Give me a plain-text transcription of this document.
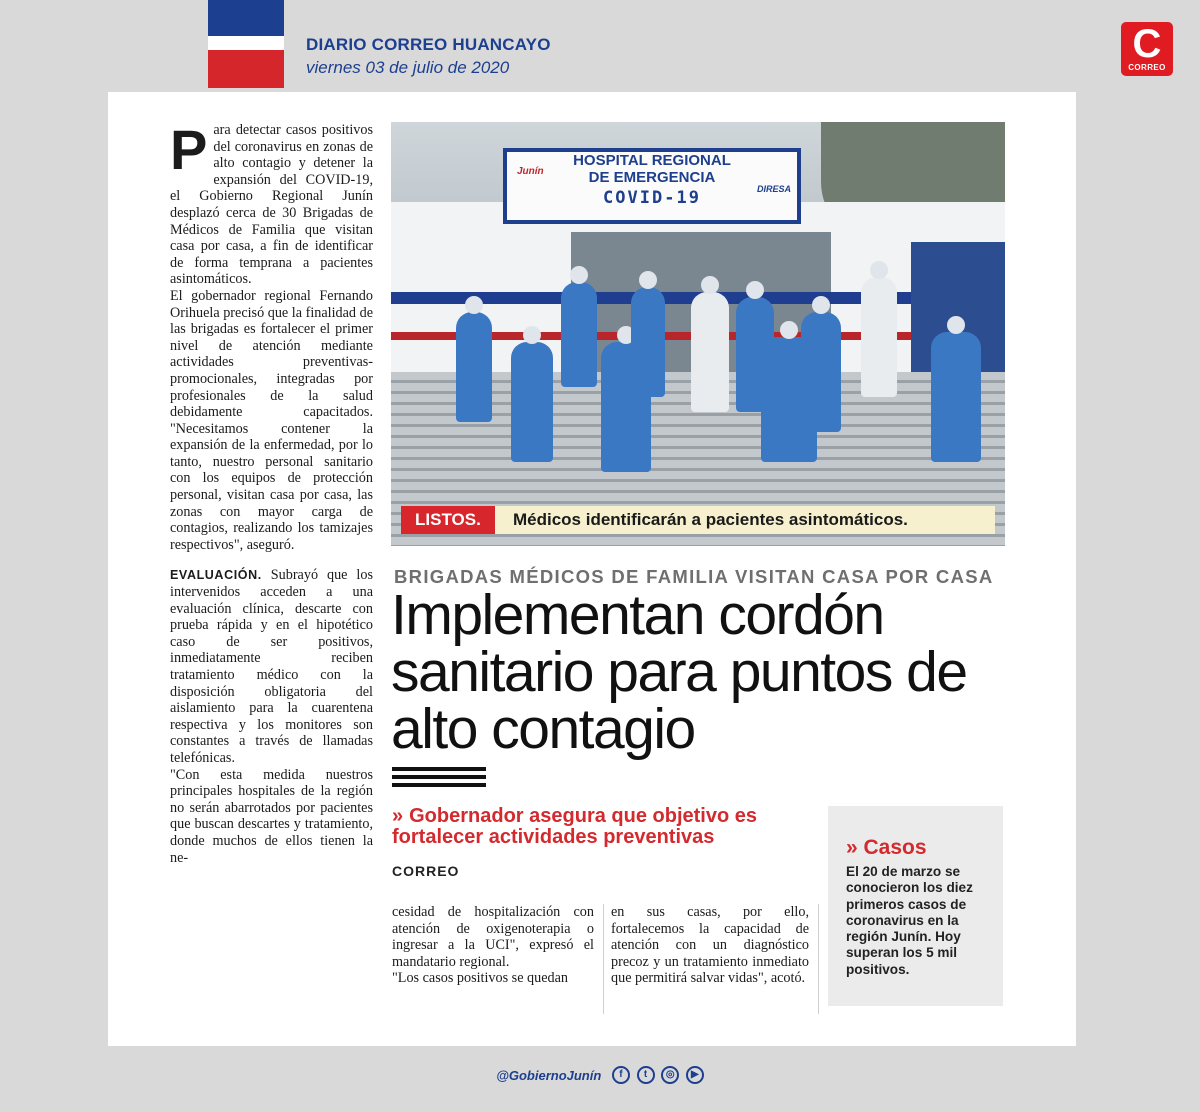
DIARIO CORREO HUANCAYO
viernes 03 de julio de 2020
C
CORREO

Para detectar casos positivos del coronavirus en zonas de alto contagio y detener la expansión del COVID-19, el Gobierno Regional Junín desplazó cerca de 30 Brigadas de Médicos de Familia que visitan casa por casa, a fin de identificar de forma temprana a pacientes asintomáticos.

El gobernador regional Fernando Orihuela precisó que la finalidad de las brigadas es fortalecer el primer nivel de atención mediante actividades preventivas-promocionales, integradas por profesionales de la salud debidamente capacitados. "Necesitamos contener la expansión de la enfermedad, por lo tanto, nuestro personal sanitario con los equipos de protección personal, visitan casa por casa, las zonas con mayor carga de contagios, realizando los tamizajes respectivos", aseguró.

EVALUACIÓN. Subrayó que los intervenidos acceden a una evaluación clínica, descarte con prueba rápida y en el hipotético caso de ser positivos, inmediatamente reciben tratamiento médico con la disposición obligatoria del aislamiento para la cuarentena respectiva y los monitores son constantes a través de llamadas telefónicas.

"Con esta medida nuestros principales hospitales de la región no serán abarrotados por pacientes que buscan descartes y tratamiento, donde muchos de ellos tienen la ne-

Junín
HOSPITAL REGIONAL
DE EMERGENCIA
COVID-19	DIRESA
LISTOS.	Médicos identificarán a pacientes asintomáticos.
BRIGADAS MÉDICOS DE FAMILIA VISITAN CASA POR CASA
Implementan cordón sanitario para puntos de alto contagio
» Gobernador asegura que objetivo es fortalecer actividades preventivas
CORREO

cesidad de hospitalización con atención de oxigenoterapia o ingresar a la UCI", expresó el mandatario regional.

"Los casos positivos se quedan

en sus casas, por ello, fortalecemos la capacidad de atención con un diagnóstico precoz y un tratamiento inmediato que permitirá salvar vidas", acotó.

» Casos
El 20 de marzo se conocieron los diez primeros casos de coronavirus en la región Junín. Hoy superan los 5 mil positivos.
@GobiernoJunín f t ◎ ▶
